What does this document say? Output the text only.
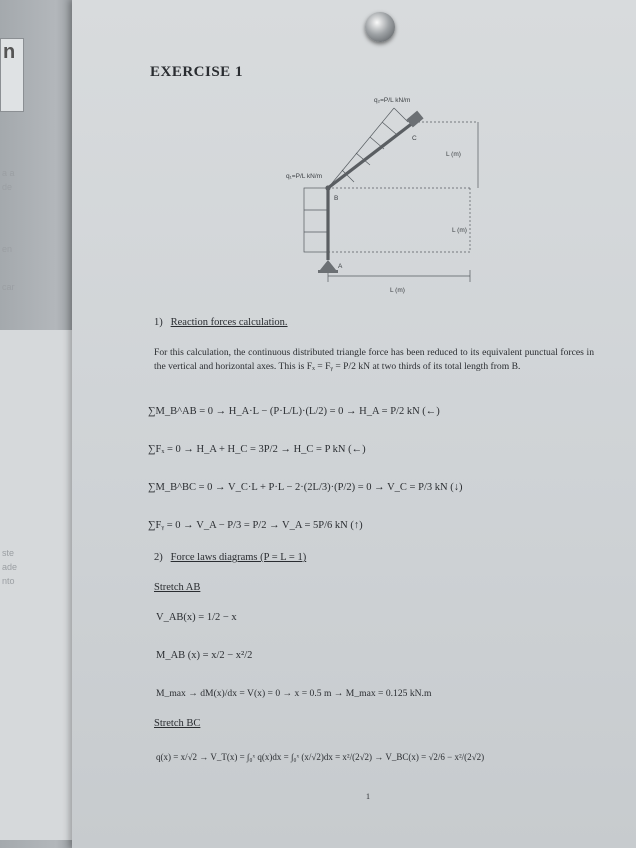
n
a a
de
en
car
ste
ade
nto
EXERCISE 1
q₂=P/L kN/m
q₁=P/L kN/m
L (m)
L (m)
L (m)
A
B
C

1) Reaction forces calculation.

For this calculation, the continuous distributed triangle force has been reduced to its equivalent punctual forces in the vertical and horizontal axes. This is Fₓ = Fᵧ = P/2 kN at two thirds of its total length from B.

∑M_B^AB = 0 → H_A·L − (P·L/L)·(L/2) = 0 → H_A = P/2 kN (←)

∑Fₓ = 0 → H_A + H_C = 3P/2 → H_C = P kN (←)

∑M_B^BC = 0 → V_C·L + P·L − 2·(2L/3)·(P/2) = 0 → V_C = P/3 kN (↓)

∑Fᵧ = 0 → V_A − P/3 = P/2 → V_A = 5P/6 kN (↑)

2) Force laws diagrams (P = L = 1)

Stretch AB

V_AB(x) = 1/2 − x

M_AB (x) = x/2 − x²/2

M_max → dM(x)/dx = V(x) = 0 → x = 0.5 m → M_max = 0.125 kN.m

Stretch BC

q(x) = x/√2 → V_T(x) = ∫₀ˣ q(x)dx = ∫₀ˣ (x/√2)dx = x²/(2√2) → V_BC(x) = √2/6 − x²/(2√2)

1
